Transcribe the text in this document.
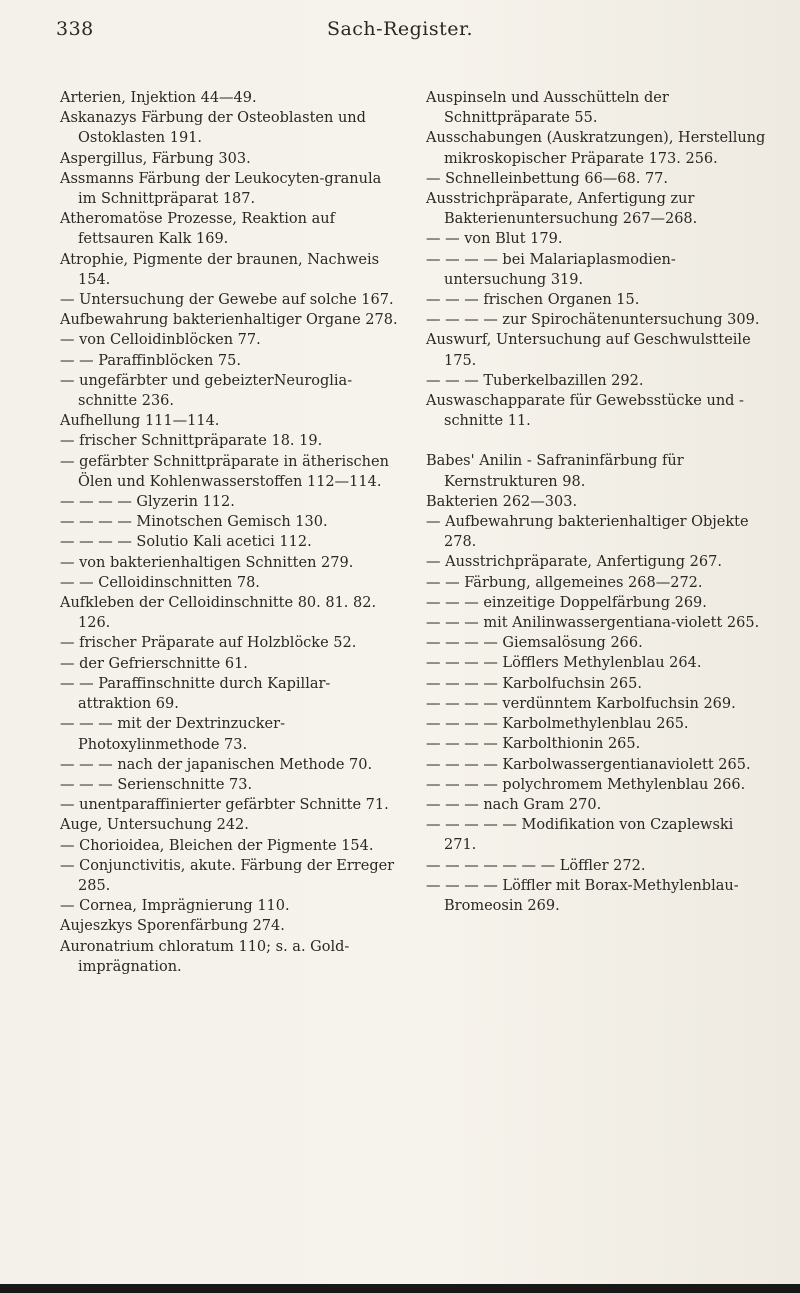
338	Sach-Register.

Arterien, Injektion 44—49.

Askanazys Färbung der Osteoblasten und Ostoklasten 191.

Aspergillus, Färbung 303.

Assmanns Färbung der Leukocyten-granula im Schnittpräparat 187.

Atheromatöse Prozesse, Reaktion auf fettsauren Kalk 169.

Atrophie, Pigmente der braunen, Nachweis 154.

— Untersuchung der Gewebe auf solche 167.

Aufbewahrung bakterienhaltiger Organe 278.

— von Celloidinblöcken 77.

— — Paraffinblöcken 75.

— ungefärbter und gebeizterNeuroglia-schnitte 236.

Aufhellung 111—114.

— frischer Schnittpräparate 18. 19.

— gefärbter Schnittpräparate in ätherischen Ölen und Kohlenwasserstoffen 112—114.

— — — — Glyzerin 112.

— — — — Minotschen Gemisch 130.

— — — — Solutio Kali acetici 112.

— von bakterienhaltigen Schnitten 279.

— — Celloidinschnitten 78.

Aufkleben der Celloidinschnitte 80. 81. 82. 126.

— frischer Präparate auf Holzblöcke 52.

— der Gefrierschnitte 61.

— — Paraffinschnitte durch Kapillar-attraktion 69.

— — — mit der Dextrinzucker-Photoxylinmethode 73.

— — — nach der japanischen Methode 70.

— — — Serienschnitte 73.

— unentparaffinierter gefärbter Schnitte 71.

Auge, Untersuchung 242.

— Chorioidea, Bleichen der Pigmente 154.

— Conjunctivitis, akute. Färbung der Erreger 285.

— Cornea, Imprägnierung 110.

Aujeszkys Sporenfärbung 274.

Auronatrium chloratum 110; s. a. Gold-imprägnation.

Auspinseln und Ausschütteln der Schnittpräparate 55.

Ausschabungen (Auskratzungen), Herstellung mikroskopischer Präparate 173. 256.

— Schnelleinbettung 66—68. 77.

Ausstrichpräparate, Anfertigung zur Bakterienuntersuchung 267—268.

— — von Blut 179.

— — — — bei Malariaplasmodien-untersuchung 319.

— — — frischen Organen 15.

— — — — zur Spirochätenuntersuchung 309.

Auswurf, Untersuchung auf Geschwulstteile 175.

— — — Tuberkelbazillen 292.

Auswaschapparate für Gewebsstücke und -schnitte 11.

Babes' Anilin - Safraninfärbung für Kernstrukturen 98.

Bakterien 262—303.

— Aufbewahrung bakterienhaltiger Objekte 278.

— Ausstrichpräparate, Anfertigung 267.

— — Färbung, allgemeines 268—272.

— — — einzeitige Doppelfärbung 269.

— — — mit Anilinwassergentiana-violett 265.

— — — — Giemsalösung 266.

— — — — Löfflers Methylenblau 264.

— — — — Karbolfuchsin 265.

— — — — verdünntem Karbolfuchsin 269.

— — — — Karbolmethylenblau 265.

— — — — Karbolthionin 265.

— — — — Karbolwassergentianaviolett 265.

— — — — polychromem Methylenblau 266.

— — — nach Gram 270.

— — — — — Modifikation von Czaplewski 271.

— — — — — — — Löffler 272.

— — — — Löffler mit Borax-Methylenblau-Bromeosin 269.
